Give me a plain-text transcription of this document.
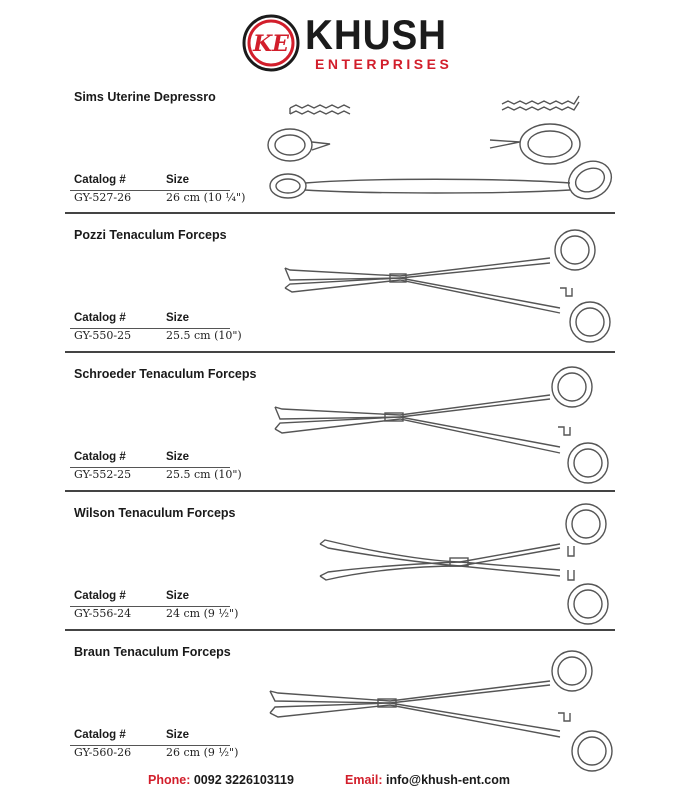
KE KHUSH
ENTERPRISES
Sims Uterine Depressro
Catalog #	Size
GY-527-26	26 cm (10 ¼")
Pozzi Tenaculum Forceps
Catalog #	Size
GY-550-25	25.5 cm (10")
Schroeder Tenaculum Forceps
Catalog #	Size
GY-552-25	25.5 cm (10")
Wilson Tenaculum Forceps
Catalog #	Size
GY-556-24	24 cm (9 ½")
Braun Tenaculum Forceps
Catalog #	Size
GY-560-26	26 cm (9 ½")
Phone: 0092 3226103119	Email: info@khush-ent.com
